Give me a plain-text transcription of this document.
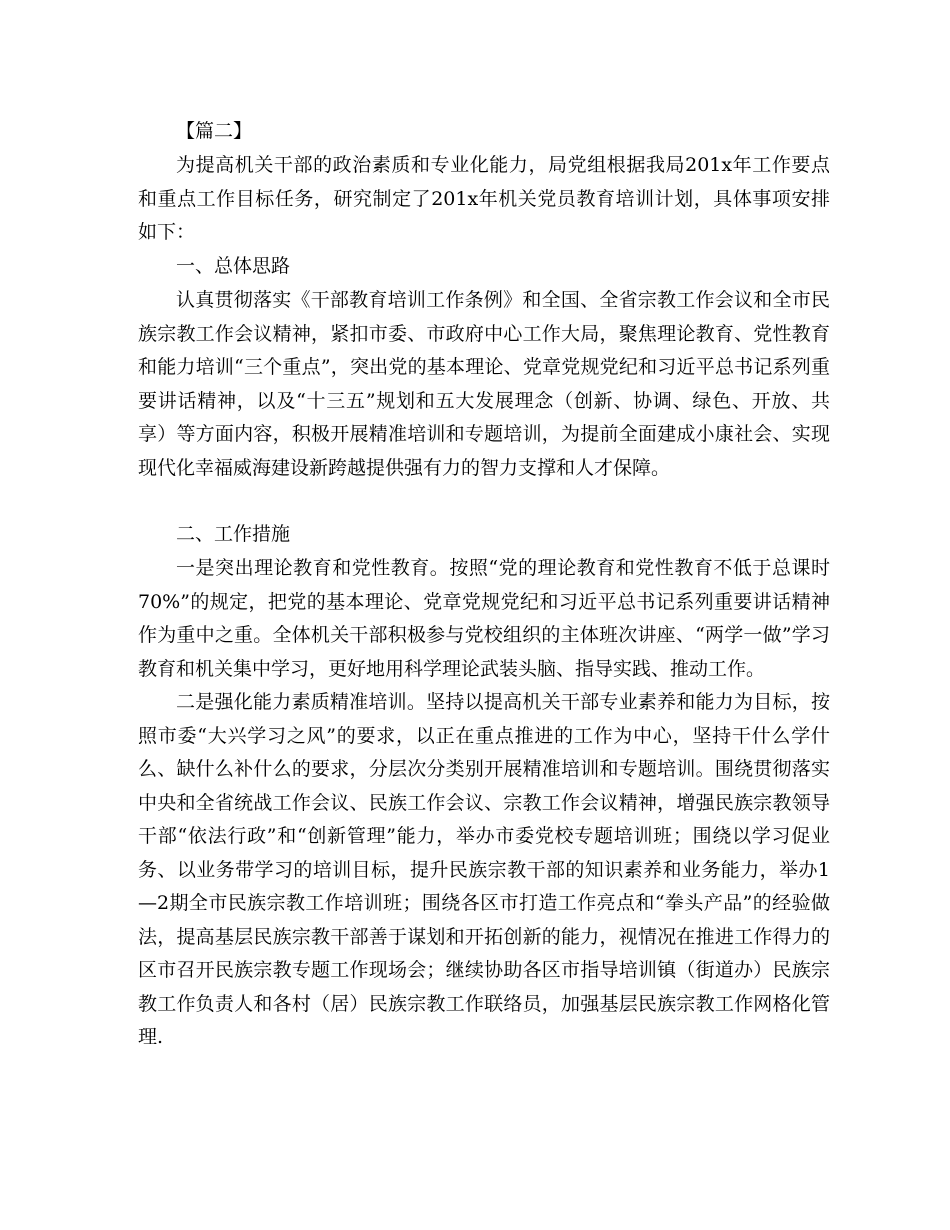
【篇二】

为提高机关干部的政治素质和专业化能力，局党组根据我局201x年工作要点和重点工作目标任务，研究制定了201x年机关党员教育培训计划，具体事项安排如下：

一、总体思路

认真贯彻落实《干部教育培训工作条例》和全国、全省宗教工作会议和全市民族宗教工作会议精神，紧扣市委、市政府中心工作大局，聚焦理论教育、党性教育和能力培训“三个重点”，突出党的基本理论、党章党规党纪和习近平总书记系列重要讲话精神，以及“十三五”规划和五大发展理念（创新、协调、绿色、开放、共享）等方面内容，积极开展精准培训和专题培训，为提前全面建成小康社会、实现现代化幸福威海建设新跨越提供强有力的智力支撑和人才保障。

二、工作措施

一是突出理论教育和党性教育。按照“党的理论教育和党性教育不低于总课时70%”的规定，把党的基本理论、党章党规党纪和习近平总书记系列重要讲话精神作为重中之重。全体机关干部积极参与党校组织的主体班次讲座、“两学一做”学习教育和机关集中学习，更好地用科学理论武装头脑、指导实践、推动工作。

二是强化能力素质精准培训。坚持以提高机关干部专业素养和能力为目标，按照市委“大兴学习之风”的要求，以正在重点推进的工作为中心，坚持干什么学什么、缺什么补什么的要求，分层次分类别开展精准培训和专题培训。围绕贯彻落实中央和全省统战工作会议、民族工作会议、宗教工作会议精神，增强民族宗教领导干部“依法行政”和“创新管理”能力，举办市委党校专题培训班；围绕以学习促业务、以业务带学习的培训目标，提升民族宗教干部的知识素养和业务能力，举办1—2期全市民族宗教工作培训班；围绕各区市打造工作亮点和“拳头产品”的经验做法，提高基层民族宗教干部善于谋划和开拓创新的能力，视情况在推进工作得力的区市召开民族宗教专题工作现场会；继续协助各区市指导培训镇（街道办）民族宗教工作负责人和各村（居）民族宗教工作联络员，加强基层民族宗教工作网格化管理.
